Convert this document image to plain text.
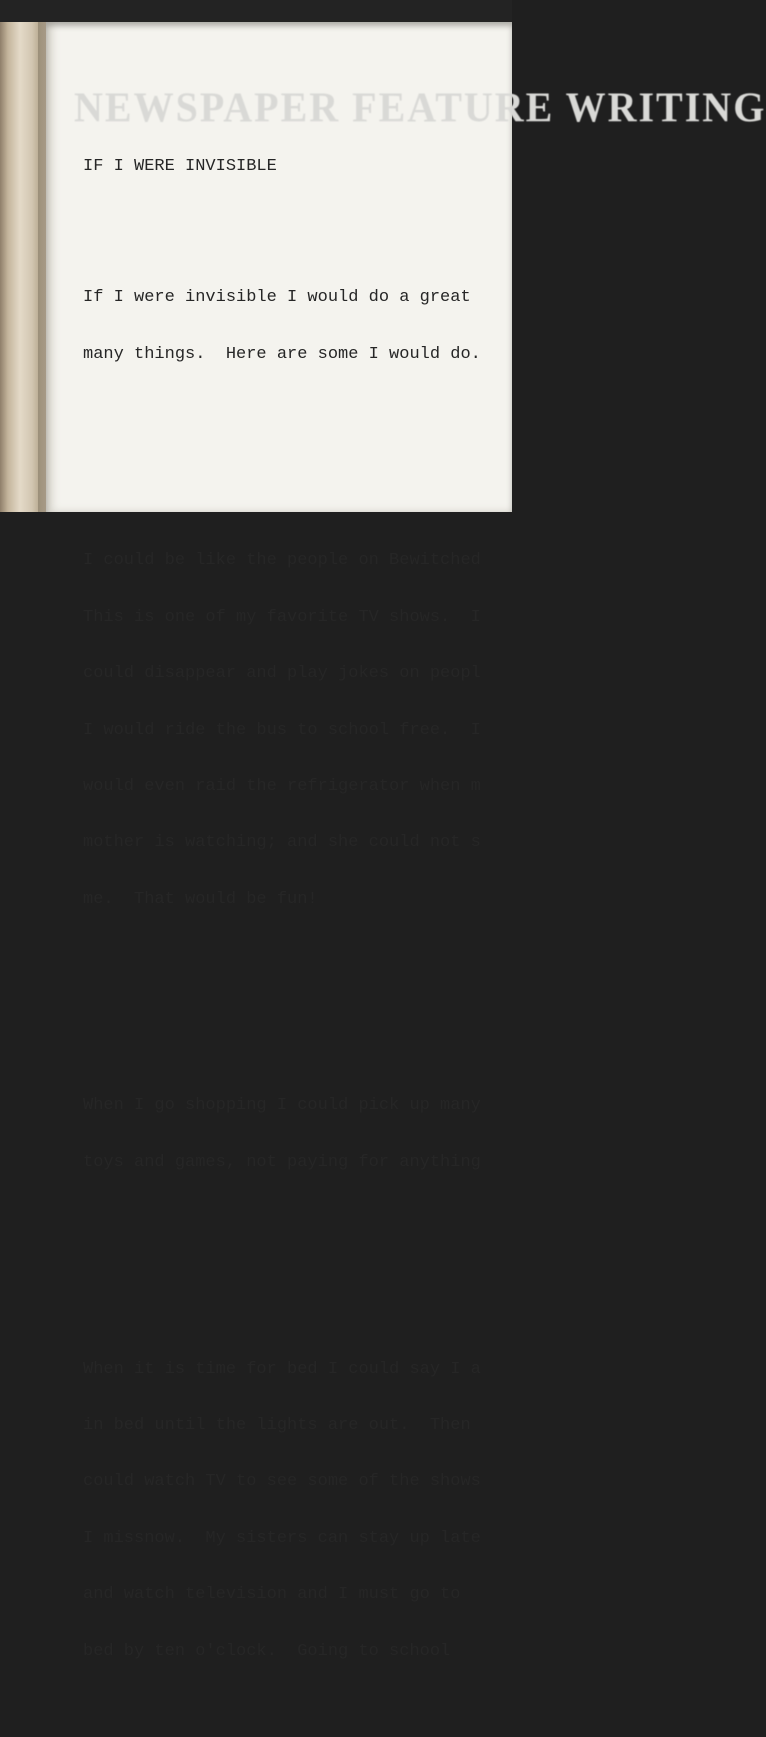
NEWSPAPER FEATURE WRITING

IF I WERE INVISIBLE

If I were invisible I would do a great

many things.  Here are some I would do.

I could be like the people on Bewitched

This is one of my favorite TV shows.  I

could disappear and play jokes on peopl

I would ride the bus to school free.  I

would even raid the refrigerator when m

mother is watching; and she could not s

me.  That would be fun!

When I go shopping I could pick up many

toys and games, not paying for anything

When it is time for bed I could say I a

in bed until the lights are out.  Then

could watch TV to see some of the shows

I missnow.  My sisters can stay up late

and watch television and I must go to

bed by ten o'clock.  Going to school
